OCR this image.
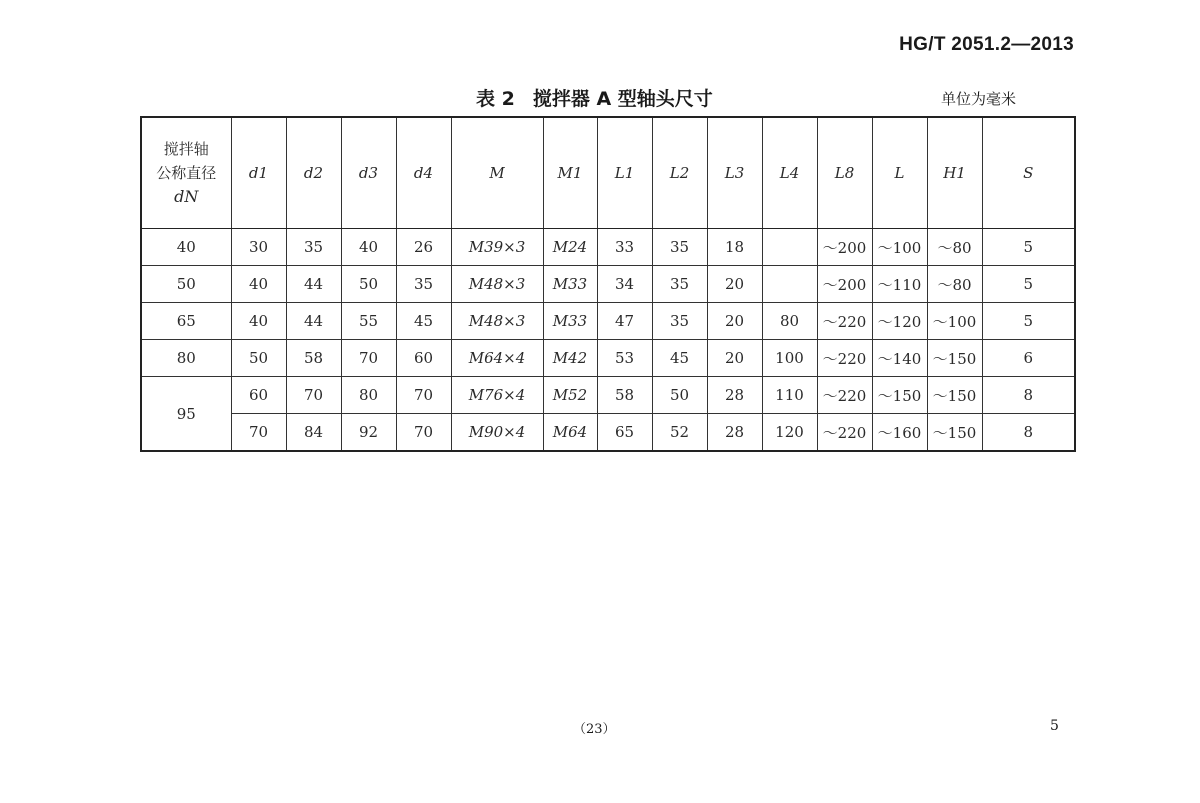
HG/T 2051.2—2013
表 2 搅拌器 A 型轴头尺寸	单位为毫米
搅拌轴
公称直径
dN	d1	d2	d3	d4	M	M1	L1	L2	L3	L4	L8	L	H1	S
40	30	35	40	26	M39×3	M24	33	35	18		～200	～100	～80	5
50	40	44	50	35	M48×3	M33	34	35	20		～200	～110	～80	5
65	40	44	55	45	M48×3	M33	47	35	20	80	～220	～120	～100	5
80	50	58	70	60	M64×4	M42	53	45	20	100	～220	～140	～150	6
95	60	70	80	70	M76×4	M52	58	50	28	110	～220	～150	～150	8
	70	84	92	70	M90×4	M64	65	52	28	120	～220	～160	～150	8
（23）	5
